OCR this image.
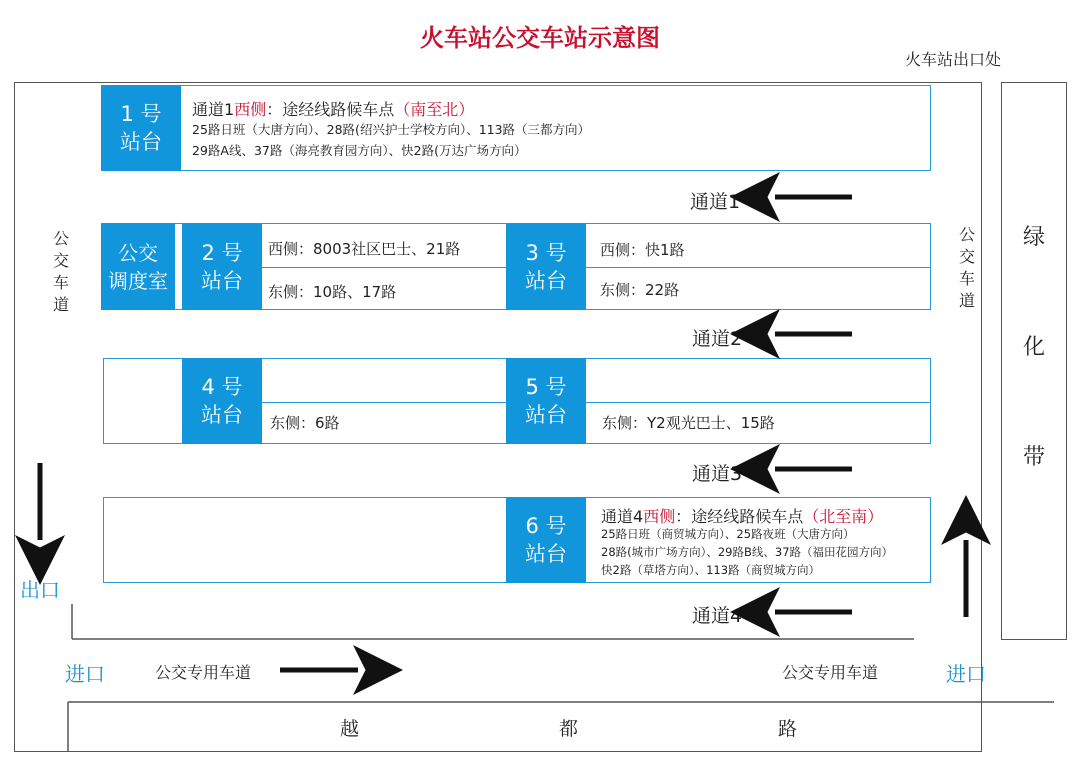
火车站公交车站示意图
火车站出口处
绿
化
带
公
交
车
道
公
交
车
道
1 号
站台
通道1西侧：途经线路候车点（南至北）
25路日班（大唐方向）、28路(绍兴护士学校方向）、113路（三都方向）
29路A线、37路（海亮教育园方向）、快2路(万达广场方向）
公交
调度室
2 号
站台
西侧：8003社区巴士、21路
东侧：10路、17路
3 号
站台
西侧：快1路
东侧：22路
4 号
站台 东侧：6路
5 号
站台 东侧：Y2观光巴士、15路
6 号
站台
通道4西侧：途经线路候车点（北至南）
25路日班（商贸城方向）、25路夜班（大唐方向）
28路(城市广场方向）、29路B线、37路（福田花园方向）
快2路（草塔方向）、113路（商贸城方向）
通道1
通道2
通道3
通道4
出口
进口	进口
公交专用车道	公交专用车道
越	都	路
